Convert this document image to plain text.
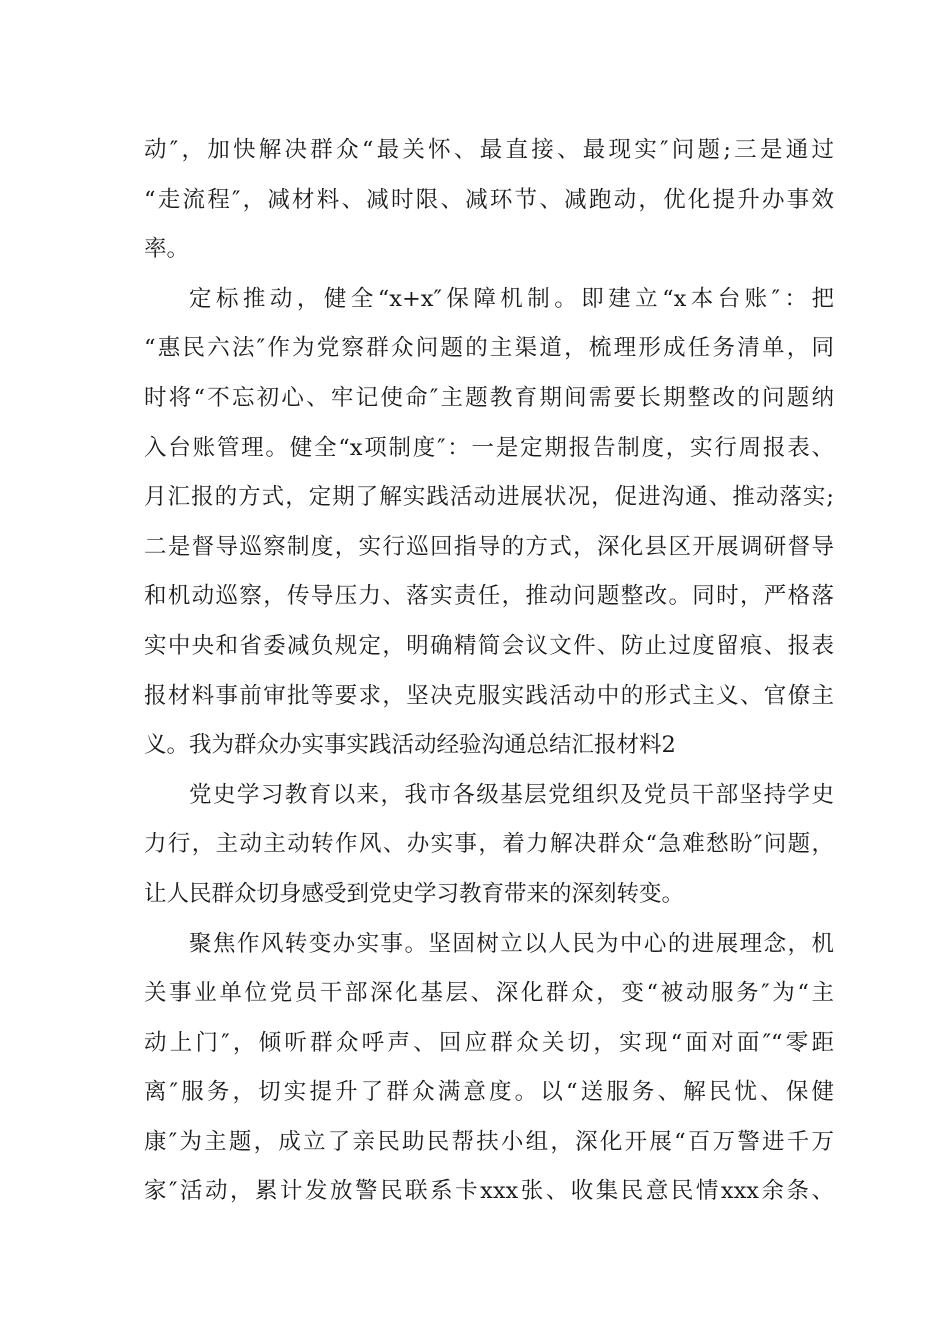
动″，加快解决群众“最关怀、最直接、最现实″问题;三是通过
“走流程″，减材料、减时限、减环节、减跑动，优化提升办事效
率。
定标推动，健全“x+x″保障机制。即建立“x本台账″：把
“惠民六法″作为党察群众问题的主渠道，梳理形成任务清单，同
时将“不忘初心、牢记使命″主题教育期间需要长期整改的问题纳
入台账管理。健全“x项制度″：一是定期报告制度，实行周报表、
月汇报的方式，定期了解实践活动进展状况，促进沟通、推动落实;
二是督导巡察制度，实行巡回指导的方式，深化县区开展调研督导
和机动巡察，传导压力、落实责任，推动问题整改。同时，严格落
实中央和省委减负规定，明确精简会议文件、防止过度留痕、报表
报材料事前审批等要求，坚决克服实践活动中的形式主义、官僚主
义。我为群众办实事实践活动经验沟通总结汇报材料2
党史学习教育以来，我市各级基层党组织及党员干部坚持学史
力行，主动主动转作风、办实事，着力解决群众“急难愁盼″问题，
让人民群众切身感受到党史学习教育带来的深刻转变。
聚焦作风转变办实事。坚固树立以人民为中心的进展理念，机
关事业单位党员干部深化基层、深化群众，变“被动服务″为“主
动上门″，倾听群众呼声、回应群众关切，实现“面对面″“零距
离″服务，切实提升了群众满意度。以“送服务、解民忧、保健
康″为主题，成立了亲民助民帮扶小组，深化开展“百万警进千万
家″活动，累计发放警民联系卡xxx张、收集民意民情xxx余条、
